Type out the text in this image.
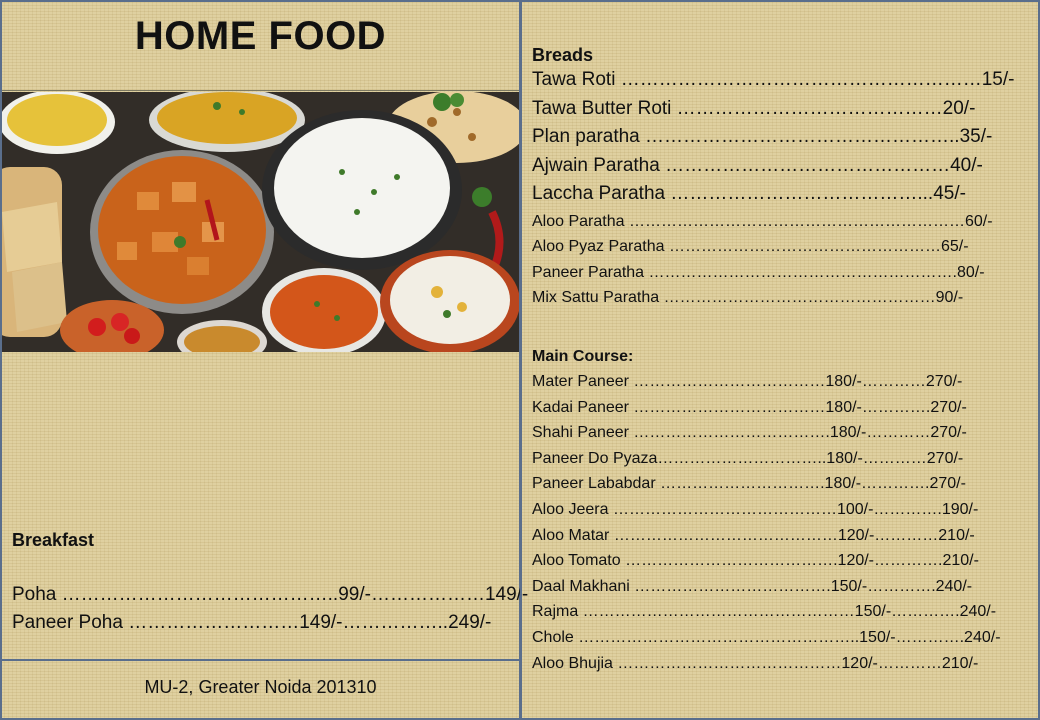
HOME FOOD
Breakfast
Poha ……………………………………..99/-………………149/-
Paneer Poha ………………………149/-……………..249/-
MU-2, Greater Noida 201310
Breads
Tawa Roti …………………………………………………15/-
Tawa Butter Roti ……………………………………20/-
Plan paratha …………………………………………..35/-
Ajwain Paratha ………………………………………40/-
Laccha Paratha …………………………………...45/-
Aloo Paratha ………………………………………………………60/-
Aloo Pyaz Paratha ……………………………………………65/-
Paneer Paratha ………………………………………………….80/-
Mix Sattu Paratha ……………………………………………90/-
Main Course:
Mater Paneer ………………………………180/-…………270/-
Kadai Paneer ………………………………180/-………….270/-
Shahi Paneer ……………………………….180/-…………270/-
Paneer Do Pyaza…………………………..180/-…………270/-
Paneer Lababdar ………………………….180/-………….270/-
Aloo Jeera ……………………………………100/-………….190/-
Aloo Matar ……………………………………120/-…………210/-
Aloo Tomato ………………………………….120/-………….210/-
Daal Makhani ……………………………….150/-………….240/-
Rajma ……………………………………………150/-………….240/-
Chole ……………………………………………..150/-………….240/-
Aloo Bhujia ……………………………………120/-…………210/-
